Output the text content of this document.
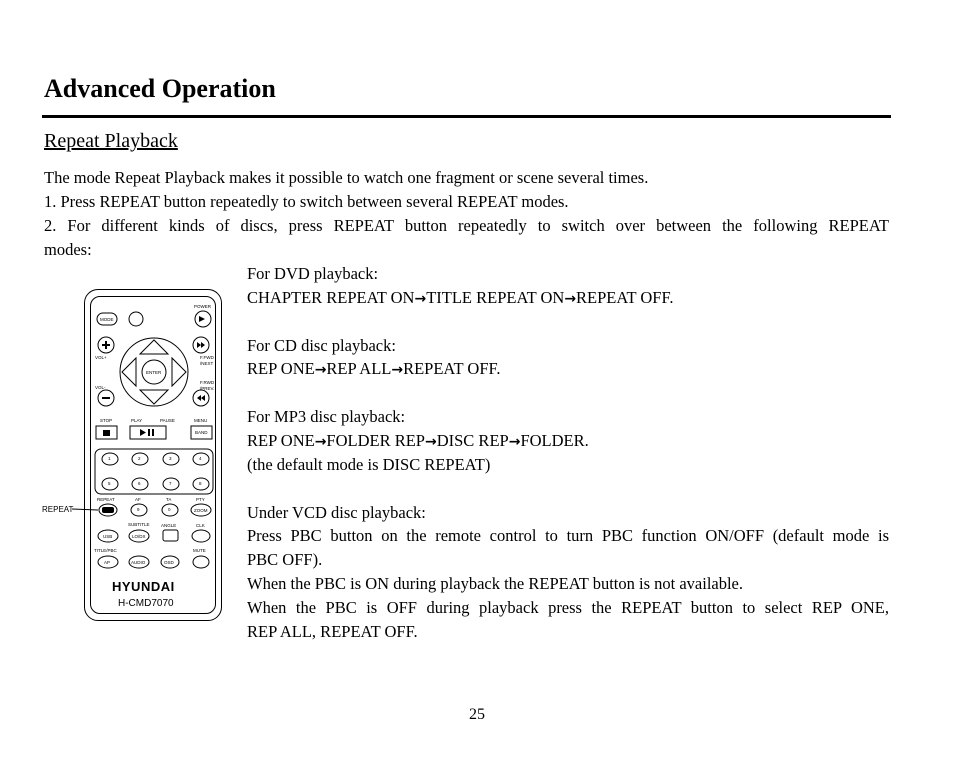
Advanced Operation
Repeat Playback
The mode Repeat Playback makes it possible to watch one fragment or scene several times.
1. Press REPEAT button repeatedly to switch between several REPEAT modes.
2. For different kinds of discs, press REPEAT button repeatedly to switch over between the following REPEAT
modes:
For DVD playback:
CHAPTER REPEAT ON→TITLE REPEAT ON→REPEAT OFF.
For CD disc playback:
REP ONE→REP ALL→REPEAT OFF.
For MP3 disc playback:
REP ONE→FOLDER REP→DISC REP→FOLDER.
(the default mode is DISC REPEAT)
Under VCD disc playback:
Press PBC button on the remote control to turn PBC function ON/OFF (default mode is
PBC OFF).
When the PBC is ON during playback the REPEAT button is not available.
When the PBC is OFF during playback press the REPEAT button to select REP ONE,
REP ALL, REPEAT OFF.
POWER
MODE
VOL+	F.FWD
/NEXT
ENTER
F.RWD
/PREV.
VOL-
STOP	PLAY	PAUSE	MENU
BAND
1	2	3	4
5	6	7	8
REPEAT	AF	TA	PTY
9	0	ZOOM
SUBTITLE	ANGLE	CLK
USB	LO/DX
TITLE/PBC	MUTE
AP	AUDIO	OSD
HYUNDAI
H-CMD7070
REPEAT
25
